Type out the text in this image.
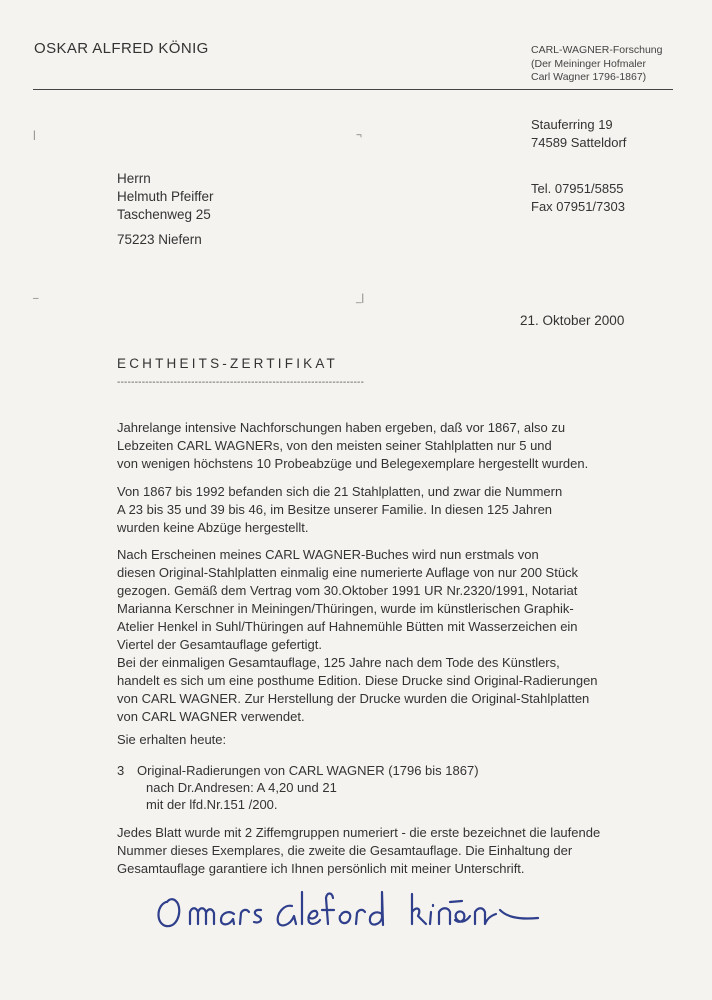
OSKAR ALFRED KÖNIG	CARL-WAGNER-Forschung
(Der Meininger Hofmaler
Carl Wagner 1796-1867)
|	¬
–	_|
Stauferring 19
74589 Satteldorf
Tel. 07951/5855
Fax 07951/7303
Herrn
Helmuth Pfeiffer
Taschenweg 25
75223 Niefern
21. Oktober 2000
ECHTHEITS-ZERTIFIKAT
----------------------------------------------------------------------
Jahrelange intensive Nachforschungen haben ergeben, daß vor 1867, also zu
Lebzeiten CARL WAGNERs, von den meisten seiner Stahlplatten nur 5 und
von wenigen höchstens 10 Probeabzüge und Belegexemplare hergestellt wurden.
Von 1867 bis 1992 befanden sich die 21 Stahlplatten, und zwar die Nummern
A 23 bis 35 und 39 bis 46, im Besitze unserer Familie. In diesen 125 Jahren
wurden keine Abzüge hergestellt.
Nach Erscheinen meines CARL WAGNER-Buches wird nun erstmals von
diesen Original-Stahlplatten einmalig eine numerierte Auflage von nur 200 Stück
gezogen. Gemäß dem Vertrag vom 30.Oktober 1991 UR Nr.2320/1991, Notariat
Marianna Kerschner in Meiningen/Thüringen, wurde im künstlerischen Graphik-
Atelier Henkel in Suhl/Thüringen auf Hahnemühle Bütten mit Wasserzeichen ein
Viertel der Gesamtauflage gefertigt.
Bei der einmaligen Gesamtauflage, 125 Jahre nach dem Tode des Künstlers,
handelt es sich um eine posthume Edition. Diese Drucke sind Original-Radierungen
von CARL WAGNER. Zur Herstellung der Drucke wurden die Original-Stahlplatten
von CARL WAGNER verwendet.
Sie erhalten heute:
3 Original-Radierungen von CARL WAGNER (1796 bis 1867)
nach Dr.Andresen: A 4,20 und 21
mit der lfd.Nr.151 /200.
Jedes Blatt wurde mit 2 Ziffemgruppen numeriert - die erste bezeichnet die laufende
Nummer dieses Exemplares, die zweite die Gesamtauflage. Die Einhaltung der
Gesamtauflage garantiere ich Ihnen persönlich mit meiner Unterschrift.
